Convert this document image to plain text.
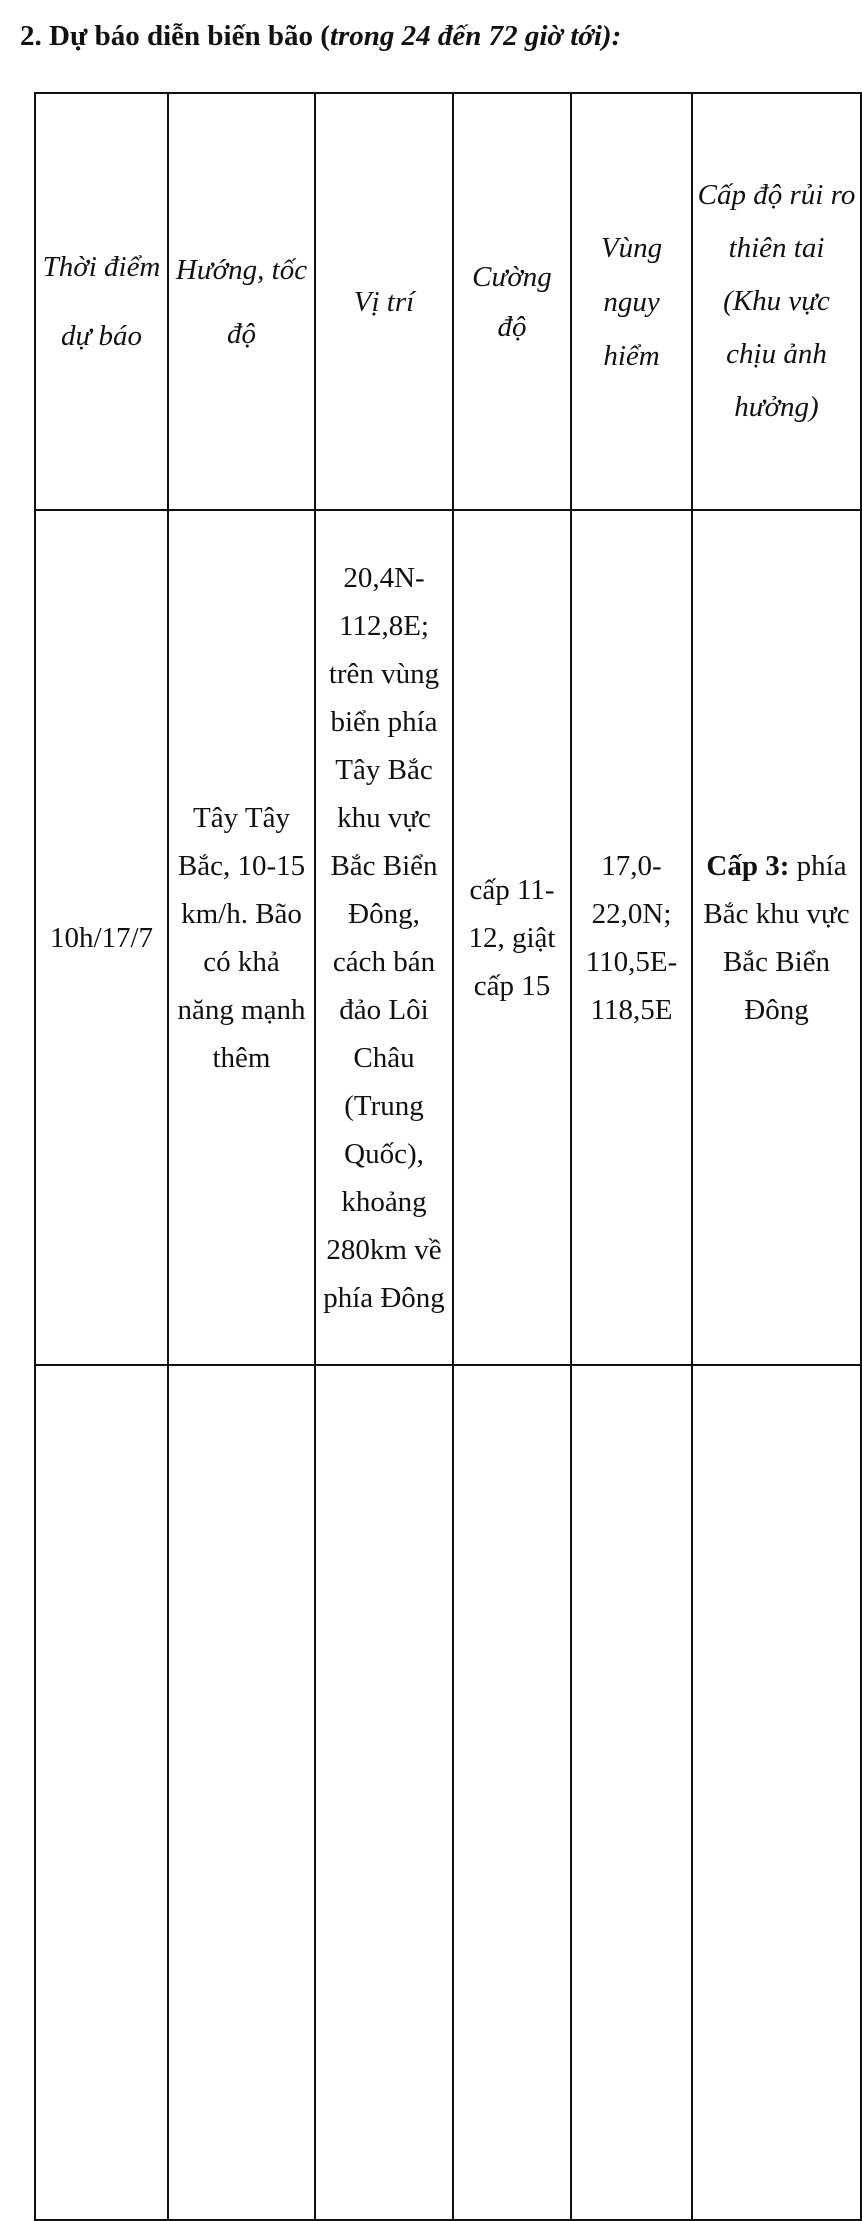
2. Dự báo diễn biến bão (trong 24 đến 72 giờ tới):
Thời điểm dự báo	Hướng, tốc độ	Vị trí	Cường độ	Vùng nguy hiểm	Cấp độ rủi ro thiên tai (Khu vực chịu ảnh hưởng)

10h/17/7	Tây Tây Bắc, 10-15 km/h. Bão có khả năng mạnh thêm	20,4N-112,8E; trên vùng biển phía Tây Bắc khu vực Bắc Biển Đông, cách bán đảo Lôi Châu (Trung Quốc), khoảng 280km về phía Đông	cấp 11-12, giật cấp 15	17,0-22,0N; 110,5E-118,5E	Cấp 3: phía Bắc khu vực Bắc Biển Đông
